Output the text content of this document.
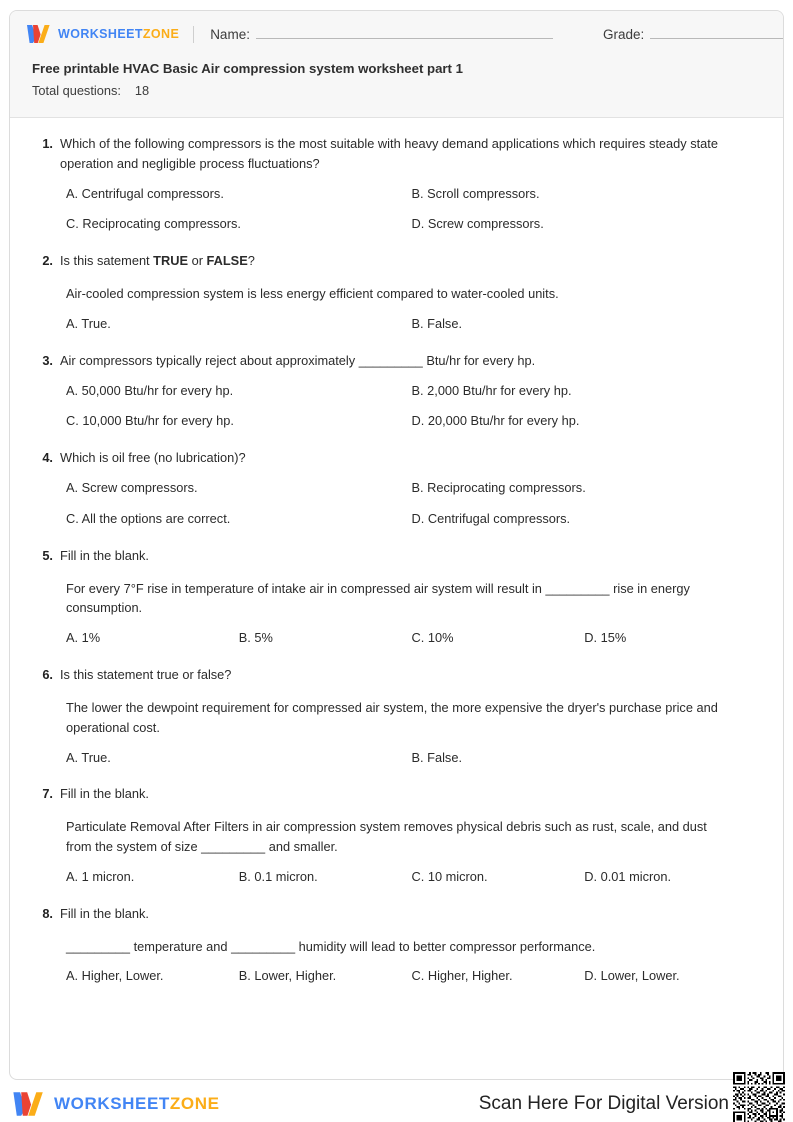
WORKSHEETZONE Name:	Grade:
Free printable HVAC Basic Air compression system worksheet part 1
Total questions: 18
1. Which of the following compressors is the most suitable with heavy demand applications which requires steady state operation and negligible process fluctuations?
A. Centrifugal compressors.	B. Scroll compressors.
C. Reciprocating compressors.	D. Screw compressors.
2. Is this satement TRUE or FALSE?
Air-cooled compression system is less energy efficient compared to water-cooled units.
A. True.	B. False.
3. Air compressors typically reject about approximately _________ Btu/hr for every hp.
A. 50,000 Btu/hr for every hp.	B. 2,000 Btu/hr for every hp.
C. 10,000 Btu/hr for every hp.	D. 20,000 Btu/hr for every hp.
4. Which is oil free (no lubrication)?
A. Screw compressors.	B. Reciprocating compressors.
C. All the options are correct.	D. Centrifugal compressors.
5. Fill in the blank.
For every 7°F rise in temperature of intake air in compressed air system will result in _________ rise in energy consumption.
A. 1%	B. 5%	C. 10%	D. 15%
6. Is this statement true or false?
The lower the dewpoint requirement for compressed air system, the more expensive the dryer's purchase price and operational cost.
A. True.	B. False.
7. Fill in the blank.
Particulate Removal After Filters in air compression system removes physical debris such as rust, scale, and dust from the system of size _________ and smaller.
A. 1 micron.	B. 0.1 micron.	C. 10 micron.	D. 0.01 micron.
8. Fill in the blank.
_________ temperature and _________ humidity will lead to better compressor performance.
A. Higher, Lower.	B. Lower, Higher.	C. Higher, Higher.	D. Lower, Lower.
WORKSHEETZONE	Scan Here For Digital Version
